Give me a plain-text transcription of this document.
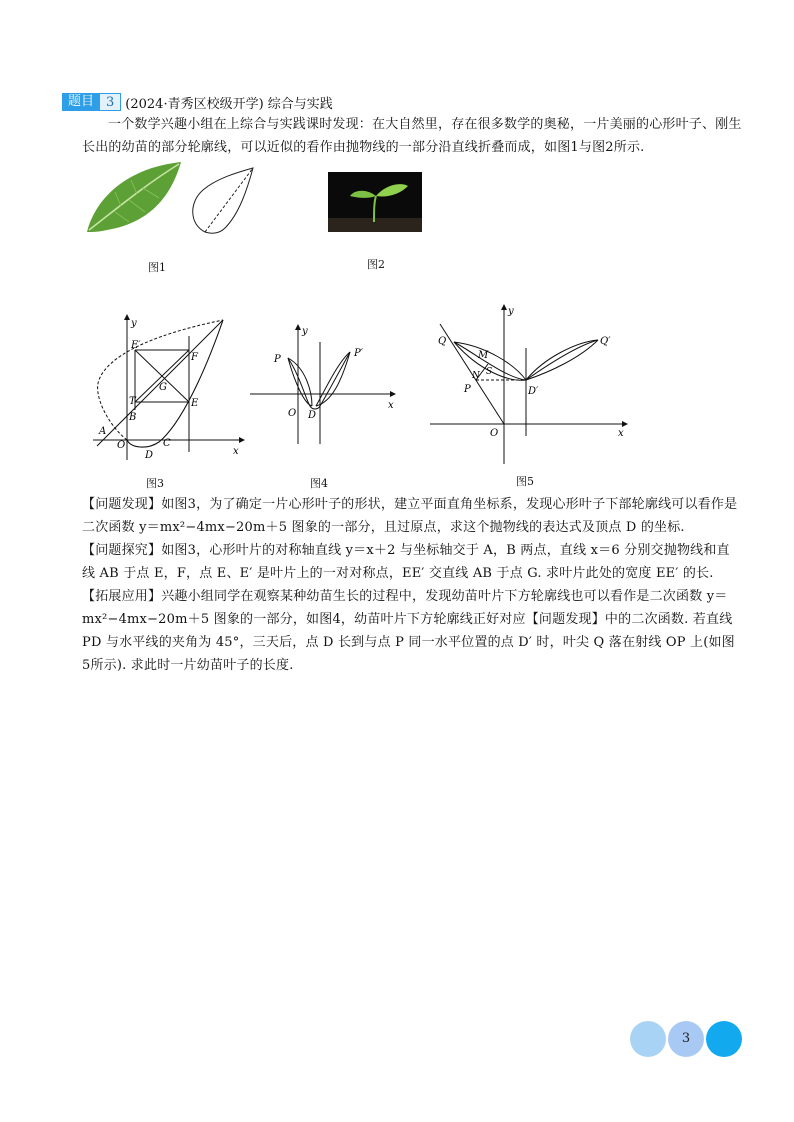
题目 3 (2024·青秀区校级开学) 综合与实践
一个数学兴趣小组在上综合与实践课时发现：在大自然里，存在很多数学的奥秘，一片美丽的心形叶子、刚生长出的幼苗的部分轮廓线，可以近似的看作由抛物线的一部分沿直线折叠而成，如图1与图2所示.
图1	图2
y
E′
F
G
T	E
B
A
O
D
C
x
y
P
P′
O D
x
y
Q
M
N S
P	D′
Q′
O	x
图3	图4	图5
【问题发现】如图3，为了确定一片心形叶子的形状，建立平面直角坐标系，发现心形叶子下部轮廓线可以看作是二次函数 y＝mx²−4mx−20m＋5 图象的一部分，且过原点，求这个抛物线的表达式及顶点 D 的坐标.
【问题探究】如图3，心形叶片的对称轴直线 y＝x＋2 与坐标轴交于 A，B 两点，直线 x＝6 分别交抛物线和直线 AB 于点 E，F，点 E、E′ 是叶片上的一对对称点，EE′ 交直线 AB 于点 G. 求叶片此处的宽度 EE′ 的长.
【拓展应用】兴趣小组同学在观察某种幼苗生长的过程中，发现幼苗叶片下方轮廓线也可以看作是二次函数 y＝mx²−4mx−20m＋5 图象的一部分，如图4，幼苗叶片下方轮廓线正好对应【问题发现】中的二次函数. 若直线 PD 与水平线的夹角为 45°，三天后，点 D 长到与点 P 同一水平位置的点 D′ 时，叶尖 Q 落在射线 OP 上(如图5所示). 求此时一片幼苗叶子的长度.
3
